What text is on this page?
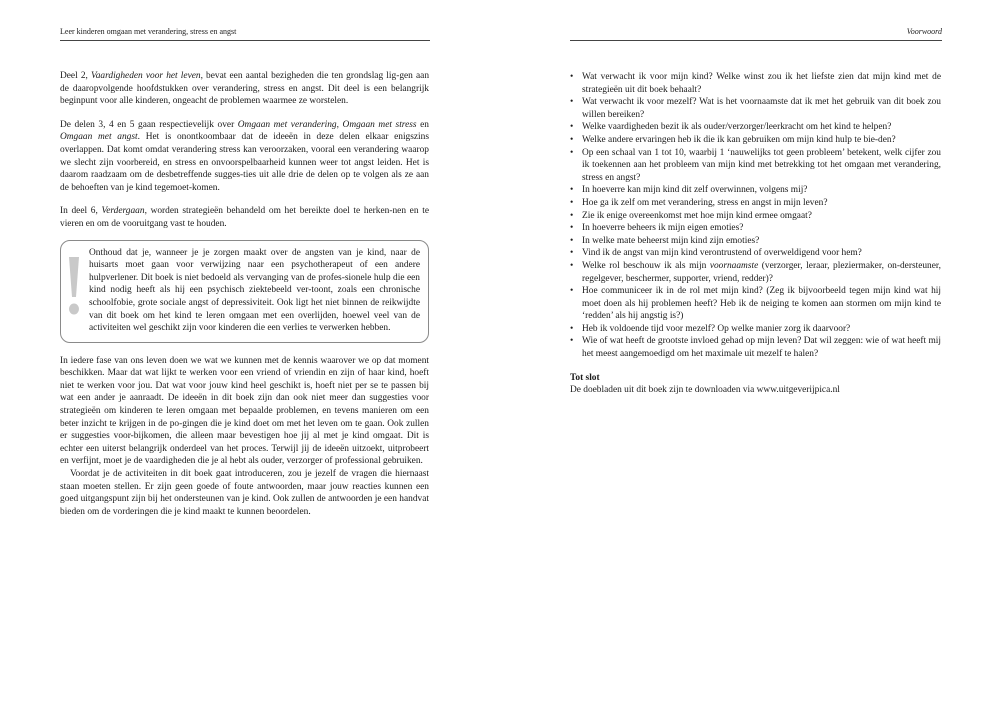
Leer kinderen omgaan met verandering, stress en angst	Voorwoord

Deel 2, Vaardigheden voor het leven, bevat een aantal bezigheden die ten grondslag lig-gen aan de daaropvolgende hoofdstukken over verandering, stress en angst. Dit deel is een belangrijk beginpunt voor alle kinderen, ongeacht de problemen waarmee ze worstelen.

De delen 3, 4 en 5 gaan respectievelijk over Omgaan met verandering, Omgaan met stress en Omgaan met angst. Het is onontkoombaar dat de ideeën in deze delen elkaar enigszins overlappen. Dat komt omdat verandering stress kan veroorzaken, vooral een verandering waarop we slecht zijn voorbereid, en stress en onvoorspelbaarheid kunnen weer tot angst leiden. Het is daarom raadzaam om de desbetreffende sugges-ties uit alle drie de delen op te volgen als ze aan de behoeften van je kind tegemoet-komen.

In deel 6, Verdergaan, worden strategieën behandeld om het bereikte doel te herken-nen en te vieren en om de vooruitgang vast te houden.

Onthoud dat je, wanneer je je zorgen maakt over de angsten van je kind, naar de huisarts moet gaan voor verwijzing naar een psychotherapeut of een andere hulpverlener. Dit boek is niet bedoeld als vervanging van de profes-sionele hulp die een kind nodig heeft als hij een psychisch ziektebeeld ver-toont, zoals een chronische schoolfobie, grote sociale angst of depressiviteit. Ook ligt het niet binnen de reikwijdte van dit boek om het kind te leren omgaan met een overlijden, hoewel veel van de activiteiten wel geschikt zijn voor kinderen die een verlies te verwerken hebben.

In iedere fase van ons leven doen we wat we kunnen met de kennis waarover we op dat moment beschikken. Maar dat wat lijkt te werken voor een vriend of vriendin en zijn of haar kind, hoeft niet te werken voor jou. Dat wat voor jouw kind heel geschikt is, hoeft niet per se te passen bij wat een ander je aanraadt. De ideeën in dit boek zijn dan ook niet meer dan suggesties voor strategieën om kinderen te leren omgaan met bepaalde problemen, en tevens manieren om een beter inzicht te krijgen in de po-gingen die je kind doet om met het leven om te gaan. Ook zullen er suggesties voor-bijkomen, die alleen maar bevestigen hoe jij al met je kind omgaat. Dit is echter een uiterst belangrijk onderdeel van het proces. Terwijl jij de ideeën uitzoekt, uitprobeert en verfijnt, moet je de vaardigheden die je al hebt als ouder, verzorger of professional gebruiken.

Voordat je de activiteiten in dit boek gaat introduceren, zou je jezelf de vragen die hiernaast staan moeten stellen. Er zijn geen goede of foute antwoorden, maar jouw reacties kunnen een goed uitgangspunt zijn bij het ondersteunen van je kind. Ook zullen de antwoorden je een handvat bieden om de vorderingen die je kind maakt te kunnen beoordelen.

• Wat verwacht ik voor mijn kind? Welke winst zou ik het liefste zien dat mijn kind met de strategieën uit dit boek behaalt?
• Wat verwacht ik voor mezelf? Wat is het voornaamste dat ik met het gebruik van dit boek zou willen bereiken?
• Welke vaardigheden bezit ik als ouder/verzorger/leerkracht om het kind te helpen?
• Welke andere ervaringen heb ik die ik kan gebruiken om mijn kind hulp te bie-den?
• Op een schaal van 1 tot 10, waarbij 1 ‘nauwelijks tot geen probleem’ betekent, welk cijfer zou ik toekennen aan het probleem van mijn kind met betrekking tot het omgaan met verandering, stress en angst?
• In hoeverre kan mijn kind dit zelf overwinnen, volgens mij?
• Hoe ga ik zelf om met verandering, stress en angst in mijn leven?
• Zie ik enige overeenkomst met hoe mijn kind ermee omgaat?
• In hoeverre beheers ik mijn eigen emoties?
• In welke mate beheerst mijn kind zijn emoties?
• Vind ik de angst van mijn kind verontrustend of overweldigend voor hem?
• Welke rol beschouw ik als mijn voornaamste (verzorger, leraar, pleziermaker, on-dersteuner, regelgever, beschermer, supporter, vriend, redder)?
• Hoe communiceer ik in de rol met mijn kind? (Zeg ik bijvoorbeeld tegen mijn kind wat hij moet doen als hij problemen heeft? Heb ik de neiging te komen aan stormen om mijn kind te ‘redden’ als hij angstig is?)
• Heb ik voldoende tijd voor mezelf? Op welke manier zorg ik daarvoor?
• Wie of wat heeft de grootste invloed gehad op mijn leven? Dat wil zeggen: wie of wat heeft mij het meest aangemoedigd om het maximale uit mezelf te halen?
Tot slot
De doebladen uit dit boek zijn te downloaden via www.uitgeverijpica.nl
